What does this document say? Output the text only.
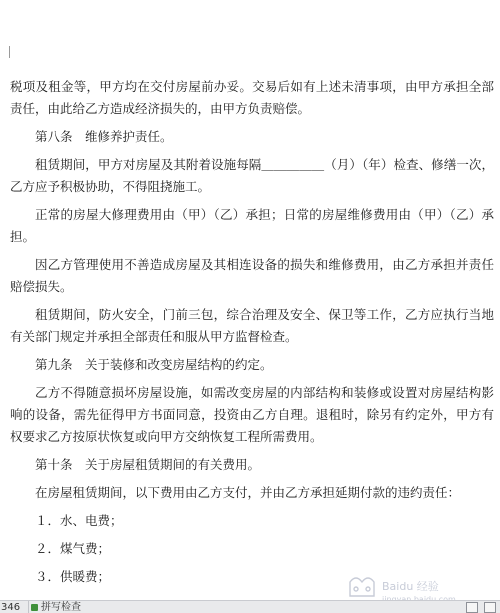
税项及租金等，甲方均在交付房屋前办妥。交易后如有上述未清事项，由甲方承担全部责任，由此给乙方造成经济损失的，由甲方负责赔偿。

第八条　维修养护责任。

租赁期间，甲方对房屋及其附着设施每隔＿＿＿＿＿（月）（年）检查、修缮一次，乙方应予积极协助，不得阻挠施工。

正常的房屋大修理费用由（甲）（乙）承担；日常的房屋维修费用由（甲）（乙）承担。

因乙方管理使用不善造成房屋及其相连设备的损失和维修费用，由乙方承担并责任赔偿损失。

租赁期间，防火安全，门前三包，综合治理及安全、保卫等工作，乙方应执行当地有关部门规定并承担全部责任和服从甲方监督检查。

第九条　关于装修和改变房屋结构的约定。

乙方不得随意损坏房屋设施，如需改变房屋的内部结构和装修或设置对房屋结构影响的设备，需先征得甲方书面同意，投资由乙方自理。退租时，除另有约定外，甲方有权要求乙方按原状恢复或向甲方交纳恢复工程所需费用。

第十条　关于房屋租赁期间的有关费用。

在房屋租赁期间，以下费用由乙方支付，并由乙方承担延期付款的违约责任：

１．水、电费；

２．煤气费；

３．供暖费；

Baidu 经验
346	拼写检查
